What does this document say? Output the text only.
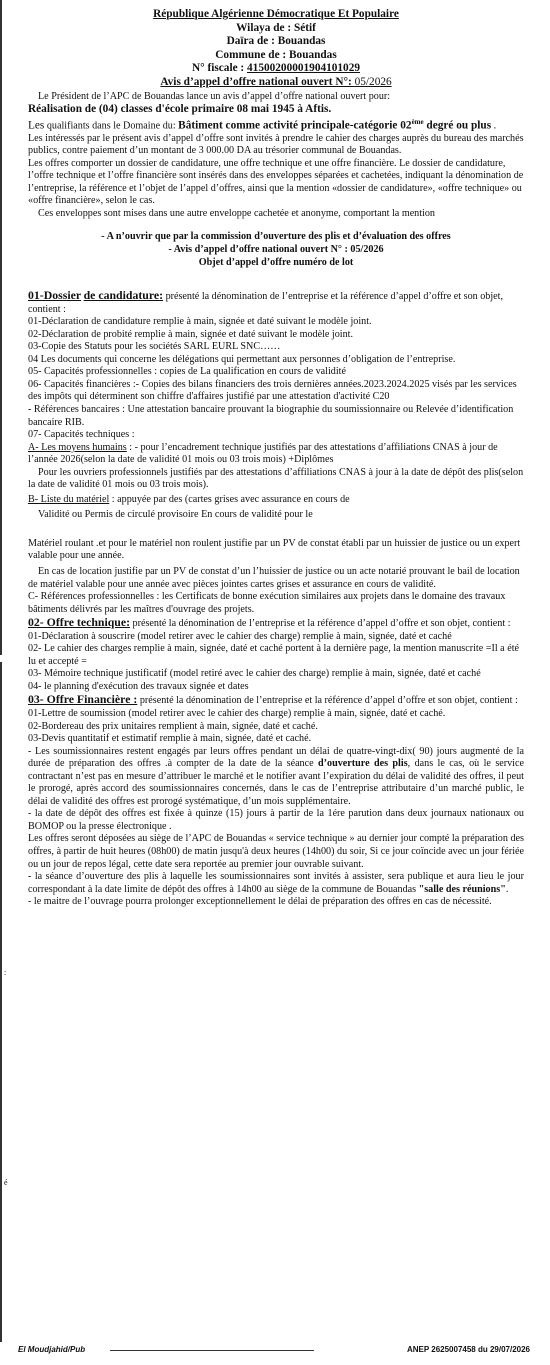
:
é

République Algérienne Démocratique Et Populaire

Wilaya de : Sétif

Daïra de : Bouandas

Commune de : Bouandas

N° fiscale : 41500200001904101029

Avis d’appel d’offre national ouvert N°: 05/2026

Le Président de l’APC de Bouandas lance un avis d’appel d’offre national ouvert pour:

Réalisation de (04) classes d'école primaire 08 mai 1945 à Aftis.

Les qualifiants dans le Domaine du: Bâtiment comme activité principale-catégorie 02ème degré ou plus .

Les intéressés par le présent avis d’appel d’offre sont invités à prendre le cahier des charges auprès du bureau des marchés publics, contre paiement d’un montant de 3 000.00 DA au trésorier communal de Bouandas.

Les offres comporter un dossier de candidature, une offre technique et une offre financière. Le dossier de candidature, l’offre technique et l’offre financière sont insérés dans des enveloppes séparées et cachetées, indiquant la dénomination de l’entreprise, la référence et l’objet de l’appel d’offres, ainsi que la mention «dossier de candidature», «offre technique» ou «offre financière», selon le cas.

Ces enveloppes sont mises dans une autre enveloppe cachetée et anonyme, comportant la mention

- A n’ouvrir que par la commission d’ouverture des plis et d’évaluation des offres

- Avis d’appel d’offre national ouvert N° : 05/2026

Objet d’appel d’offre numéro de lot

01-Dossier de candidature: présenté la dénomination de l’entreprise et la référence d’appel d’offre et son objet, contient :

01-Déclaration de candidature remplie à main, signée et daté suivant le modèle joint.

02-Déclaration de probité remplie à main, signée et daté suivant le modèle joint.

03-Copie des Statuts pour les sociétés SARL EURL SNC……

04 Les documents qui concerne les délégations qui permettant aux personnes d’obligation de l’entreprise.

05- Capacités professionnelles : copies de La qualification en cours de validité

06- Capacités financières :- Copies des bilans financiers des trois dernières années.2023.2024.2025 visés par les services des impôts qui déterminent son chiffre d'affaires justifié par une attestation d'activité C20

- Références bancaires : Une attestation bancaire prouvant la biographie du soumissionnaire ou Relevée d’identification bancaire RIB.

07- Capacités techniques :

A- Les moyens humains : - pour l’encadrement technique justifiés par des attestations d’affiliations CNAS à jour de l’année 2026(selon la date de validité 01 mois ou 03 trois mois) +Diplômes

Pour les ouvriers professionnels justifiés par des attestations d’affiliations CNAS à jour à la date de dépôt des plis(selon la date de validité 01 mois ou 03 trois mois).

B- Liste du matériel : appuyée par des (cartes grises avec assurance en cours de

Validité ou Permis de circulé provisoire En cours de validité pour le

Matériel roulant .et pour le matériel non roulent justifie par un PV de constat établi par un huissier de justice ou un expert valable pour une année.

En cas de location justifie par un PV de constat d’un l’huissier de justice ou un acte notarié prouvant le bail de location de matériel valable pour une année avec pièces jointes cartes grises et assurance en cours de validité.

C- Références professionnelles : les Certificats de bonne exécution similaires aux projets dans le domaine des travaux bâtiments délivrés par les maîtres d'ouvrage des projets.

02- Offre technique: présenté la dénomination de l’entreprise et la référence d’appel d’offre et son objet, contient :

01-Déclaration à souscrire (model retirer avec le cahier des charge) remplie à main, signée, daté et caché

02- Le cahier des charges remplie à main, signée, daté et caché portent à la dernière page, la mention manuscrite =Il a été lu et accepté =

03- Mémoire technique justificatif (model retiré avec le cahier des charge) remplie à main, signée, daté et caché

04- le planning d'exécution des travaux signée et dates

03- Offre Financière : présenté la dénomination de l’entreprise et la référence d’appel d’offre et son objet, contient :

01-Lettre de soumission (model retirer avec le cahier des charge) remplie à main, signée, daté et caché.

02-Bordereau des prix unitaires remplient à main, signée, daté et caché.

03-Devis quantitatif et estimatif remplie à main, signée, daté et caché.

- Les soumissionnaires restent engagés par leurs offres pendant un délai de quatre-vingt-dix( 90) jours augmenté de la durée de préparation des offres .à compter de la date de la séance d’ouverture des plis, dans le cas, où le service contractant n’est pas en mesure d’attribuer le marché et le notifier avant l’expiration du délai de validité des offres, il peut le prorogé, après accord des soumissionnaires concernés, dans le cas de l’entreprise attributaire d’un marché public, le délai de validité des offres est prorogé systématique, d’un mois supplémentaire.

- la date de dépôt des offres est fixée à quinze (15) jours à partir de la 1ére parution dans deux journaux nationaux ou BOMOP ou la presse électronique .

Les offres seront déposées au siège de l’APC de Bouandas « service technique » au dernier jour compté la préparation des offres, à partir de huit heures (08h00) de matin jusqu'à deux heures (14h00) du soir, Si ce jour coïncide avec un jour fériée ou un jour de repos légal, cette date sera reportée au premier jour ouvrable suivant.

- la séance d’ouverture des plis à laquelle les soumissionnaires sont invités à assister, sera publique et aura lieu le jour correspondant à la date limite de dépôt des offres à 14h00 au siège de la commune de Bouandas "salle des réunions".

- le maitre de l’ouvrage pourra prolonger exceptionnellement le délai de préparation des offres en cas de nécessité.

El Moudjahid/Pub	ANEP 2625007458 du 29/07/2026
